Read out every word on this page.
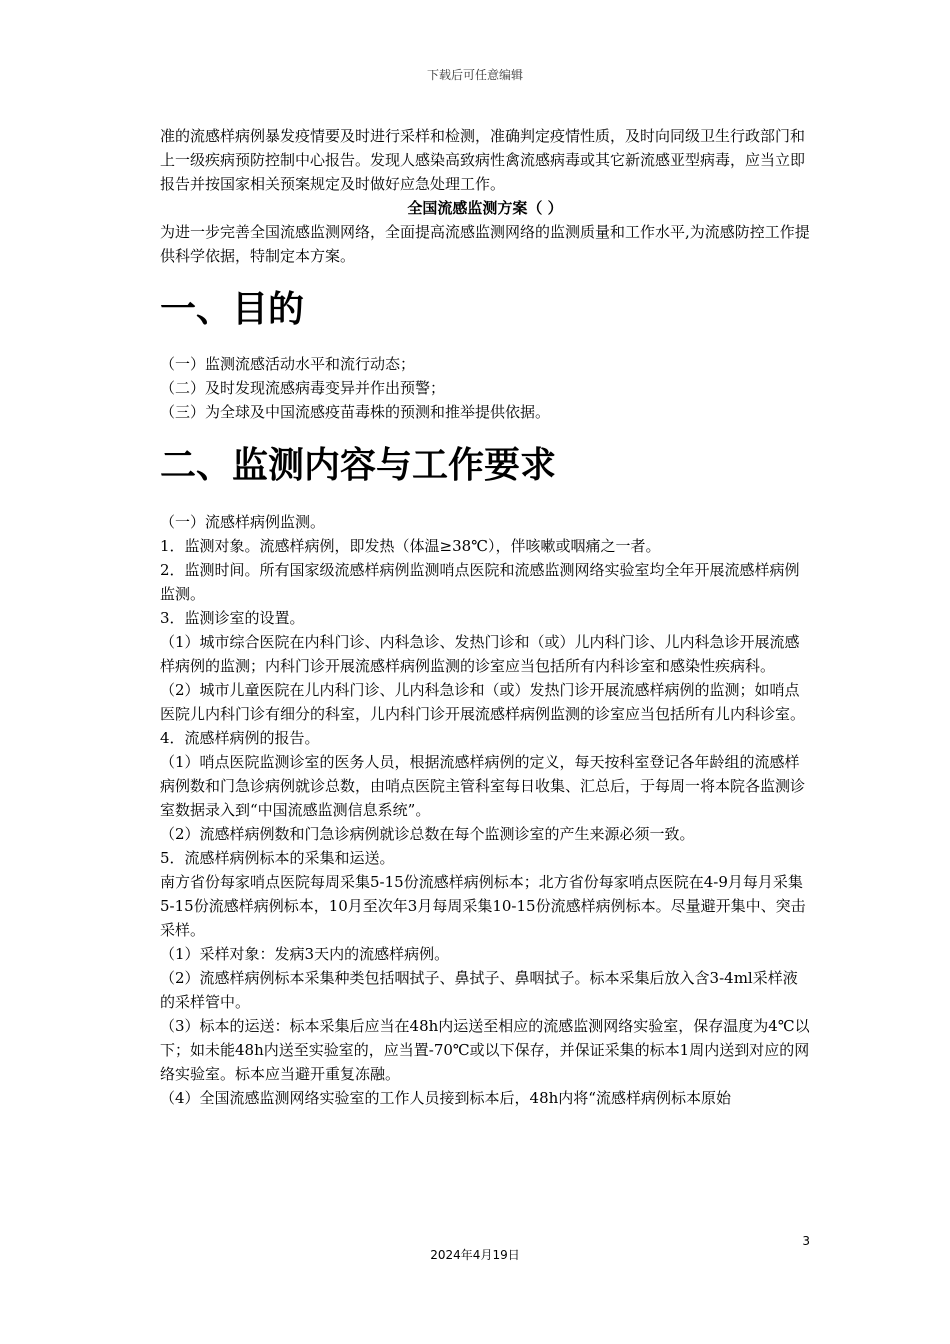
下载后可任意编辑

准的流感样病例暴发疫情要及时进行采样和检测，准确判定疫情性质，及时向同级卫生行政部门和上一级疾病预防控制中心报告。发现人感染高致病性禽流感病毒或其它新流感亚型病毒，应当立即报告并按国家相关预案规定及时做好应急处理工作。

全国流感监测方案（ ）

为进一步完善全国流感监测网络，全面提高流感监测网络的监测质量和工作水平,为流感防控工作提供科学依据，特制定本方案。

一、目的

（一）监测流感活动水平和流行动态；

（二）及时发现流感病毒变异并作出预警；

（三）为全球及中国流感疫苗毒株的预测和推举提供依据。

二、监测内容与工作要求

（一）流感样病例监测。

1．监测对象。流感样病例，即发热（体温≥38℃），伴咳嗽或咽痛之一者。

2．监测时间。所有国家级流感样病例监测哨点医院和流感监测网络实验室均全年开展流感样病例监测。

3．监测诊室的设置。

（1）城市综合医院在内科门诊、内科急诊、发热门诊和（或）儿内科门诊、儿内科急诊开展流感样病例的监测；内科门诊开展流感样病例监测的诊室应当包括所有内科诊室和感染性疾病科。

（2）城市儿童医院在儿内科门诊、儿内科急诊和（或）发热门诊开展流感样病例的监测；如哨点医院儿内科门诊有细分的科室，儿内科门诊开展流感样病例监测的诊室应当包括所有儿内科诊室。

4．流感样病例的报告。

（1）哨点医院监测诊室的医务人员，根据流感样病例的定义，每天按科室登记各年龄组的流感样病例数和门急诊病例就诊总数，由哨点医院主管科室每日收集、汇总后，于每周一将本院各监测诊室数据录入到“中国流感监测信息系统”。

（2）流感样病例数和门急诊病例就诊总数在每个监测诊室的产生来源必须一致。

5．流感样病例标本的采集和运送。

南方省份每家哨点医院每周采集5-15份流感样病例标本；北方省份每家哨点医院在4-9月每月采集5-15份流感样病例标本，10月至次年3月每周采集10-15份流感样病例标本。尽量避开集中、突击采样。

（1）采样对象：发病3天内的流感样病例。

（2）流感样病例标本采集种类包括咽拭子、鼻拭子、鼻咽拭子。标本采集后放入含3-4ml采样液的采样管中。

（3）标本的运送：标本采集后应当在48h内运送至相应的流感监测网络实验室，保存温度为4℃以下；如未能48h内送至实验室的，应当置-70℃或以下保存，并保证采集的标本1周内送到对应的网络实验室。标本应当避开重复冻融。

（4）全国流感监测网络实验室的工作人员接到标本后，48h内将“流感样病例标本原始

3
2024年4月19日
